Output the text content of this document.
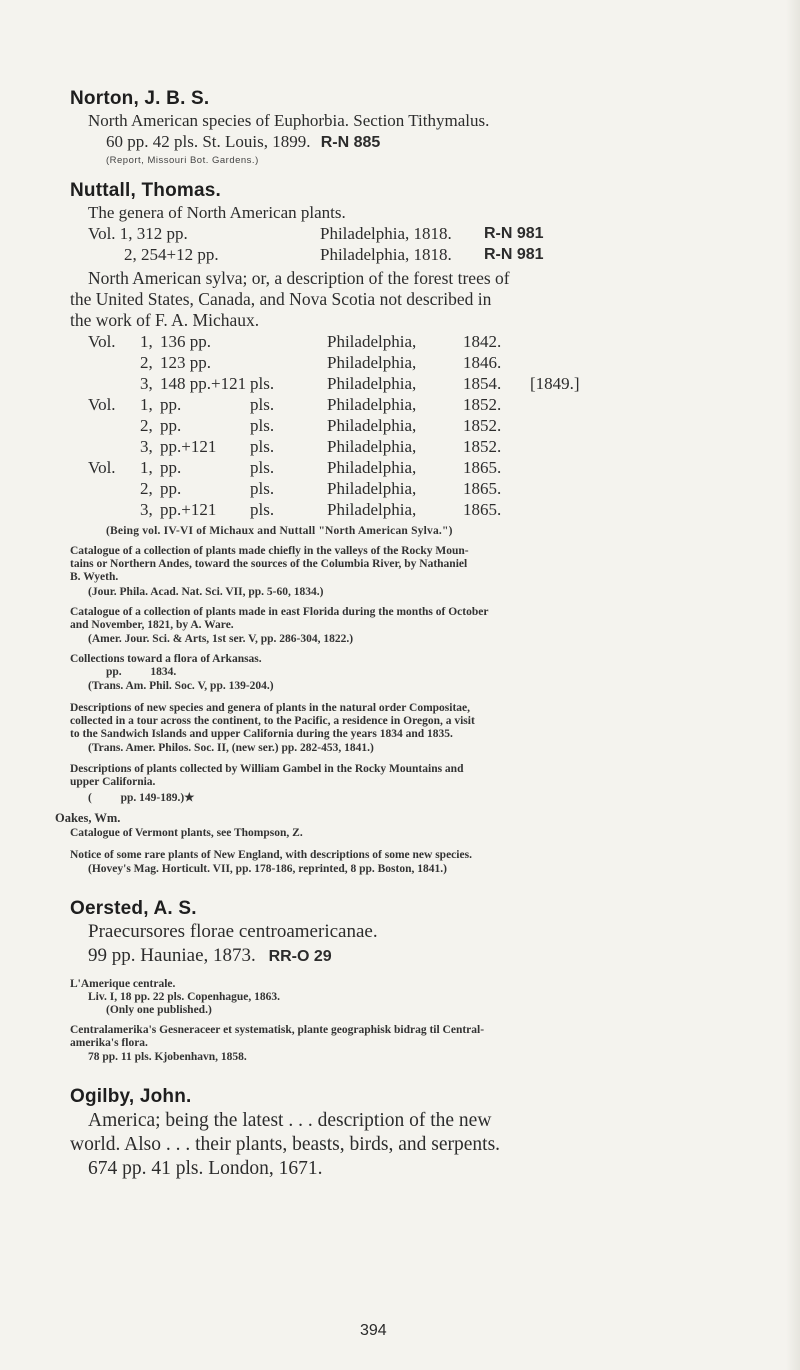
Norton, J. B. S.
North American species of Euphorbia. Section Tithymalus.
60 pp. 42 pls. St. Louis, 1899. R-N 885
(Report, Missouri Bot. Gardens.)
Nuttall, Thomas.
The genera of North American plants.
Vol. 1, 312 pp.	Philadelphia, 1818. R-N 981
2, 254+12 pp.	Philadelphia, 1818. R-N 981
North American sylva; or, a description of the forest trees of
the United States, Canada, and Nova Scotia not described in
the work of F. A. Michaux.
Vol. 1, 136 pp.	Philadelphia,	1842.
2, 123 pp.	Philadelphia,	1846.
3, 148 pp.+121 pls.	Philadelphia,	1854. [1849.]
Vol. 1, pp.	pls.	Philadelphia,	1852.
2, pp.	pls.	Philadelphia,	1852.
3, pp.+121 pls.	Philadelphia,	1852.
Vol. 1, pp.	pls.	Philadelphia,	1865.
2, pp.	pls.	Philadelphia,	1865.
3, pp.+121 pls.	Philadelphia,	1865.
(Being vol. IV-VI of Michaux and Nuttall "North American Sylva.")
Catalogue of a collection of plants made chiefly in the valleys of the Rocky Moun-
tains or Northern Andes, toward the sources of the Columbia River, by Nathaniel
B. Wyeth.
(Jour. Phila. Acad. Nat. Sci. VII, pp. 5-60, 1834.)
Catalogue of a collection of plants made in east Florida during the months of October
and November, 1821, by A. Ware.
(Amer. Jour. Sci. & Arts, 1st ser. V, pp. 286-304, 1822.)
Collections toward a flora of Arkansas.
pp.          1834.
(Trans. Am. Phil. Soc. V, pp. 139-204.)
Descriptions of new species and genera of plants in the natural order Compositae,
collected in a tour across the continent, to the Pacific, a residence in Oregon, a visit
to the Sandwich Islands and upper California during the years 1834 and 1835.
(Trans. Amer. Philos. Soc. II, (new ser.) pp. 282-453, 1841.)
Descriptions of plants collected by William Gambel in the Rocky Mountains and
upper California.
(          pp. 149-189.)★
Oakes, Wm.
Catalogue of Vermont plants, see Thompson, Z.
Notice of some rare plants of New England, with descriptions of some new species.
(Hovey's Mag. Horticult. VII, pp. 178-186, reprinted, 8 pp. Boston, 1841.)
Oersted, A. S.
Praecursores florae centroamericanae.
99 pp. Hauniae, 1873. RR-O 29
L'Amerique centrale.
Liv. I, 18 pp. 22 pls. Copenhague, 1863.
(Only one published.)
Centralamerika's Gesneraceer et systematisk, plante geographisk bidrag til Central-
amerika's flora.
78 pp. 11 pls. Kjobenhavn, 1858.
Ogilby, John.
America; being the latest . . . description of the new
world. Also . . . their plants, beasts, birds, and serpents.
674 pp. 41 pls. London, 1671.
394
